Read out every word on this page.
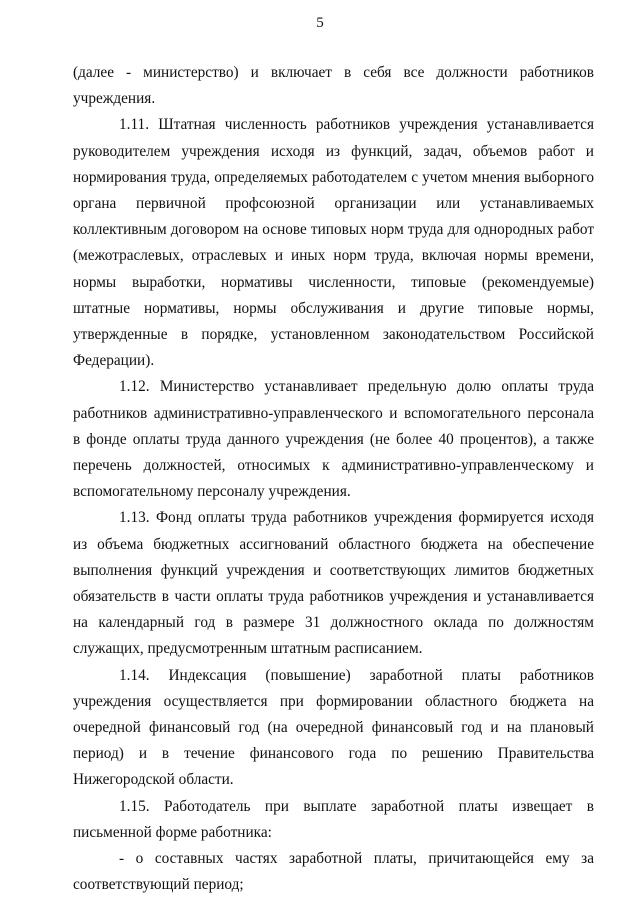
5

(далее - министерство) и включает в себя все должности работников учреждения.

1.11. Штатная численность работников учреждения устанавливается руководителем учреждения исходя из функций, задач, объемов работ и нормирования труда, определяемых работодателем с учетом мнения выборного органа первичной профсоюзной организации или устанавливаемых коллективным договором на основе типовых норм труда для однородных работ (межотраслевых, отраслевых и иных норм труда, включая нормы времени, нормы выработки, нормативы численности, типовые (рекомендуемые) штатные нормативы, нормы обслуживания и другие типовые нормы, утвержденные в порядке, установленном законодательством Российской Федерации).

1.12. Министерство устанавливает предельную долю оплаты труда работников административно-управленческого и вспомогательного персонала в фонде оплаты труда данного учреждения (не более 40 процентов), а также перечень должностей, относимых к административно-управленческому и вспомогательному персоналу учреждения.

1.13. Фонд оплаты труда работников учреждения формируется исходя из объема бюджетных ассигнований областного бюджета на обеспечение выполнения функций учреждения и соответствующих лимитов бюджетных обязательств в части оплаты труда работников учреждения и устанавливается на календарный год в размере 31 должностного оклада по должностям служащих, предусмотренным штатным расписанием.

1.14. Индексация (повышение) заработной платы работников учреждения осуществляется при формировании областного бюджета на очередной финансовый год (на очередной финансовый год и на плановый период) и в течение финансового года по решению Правительства Нижегородской области.

1.15. Работодатель при выплате заработной платы извещает в письменной форме работника:

- о составных частях заработной платы, причитающейся ему за соответствующий период;
